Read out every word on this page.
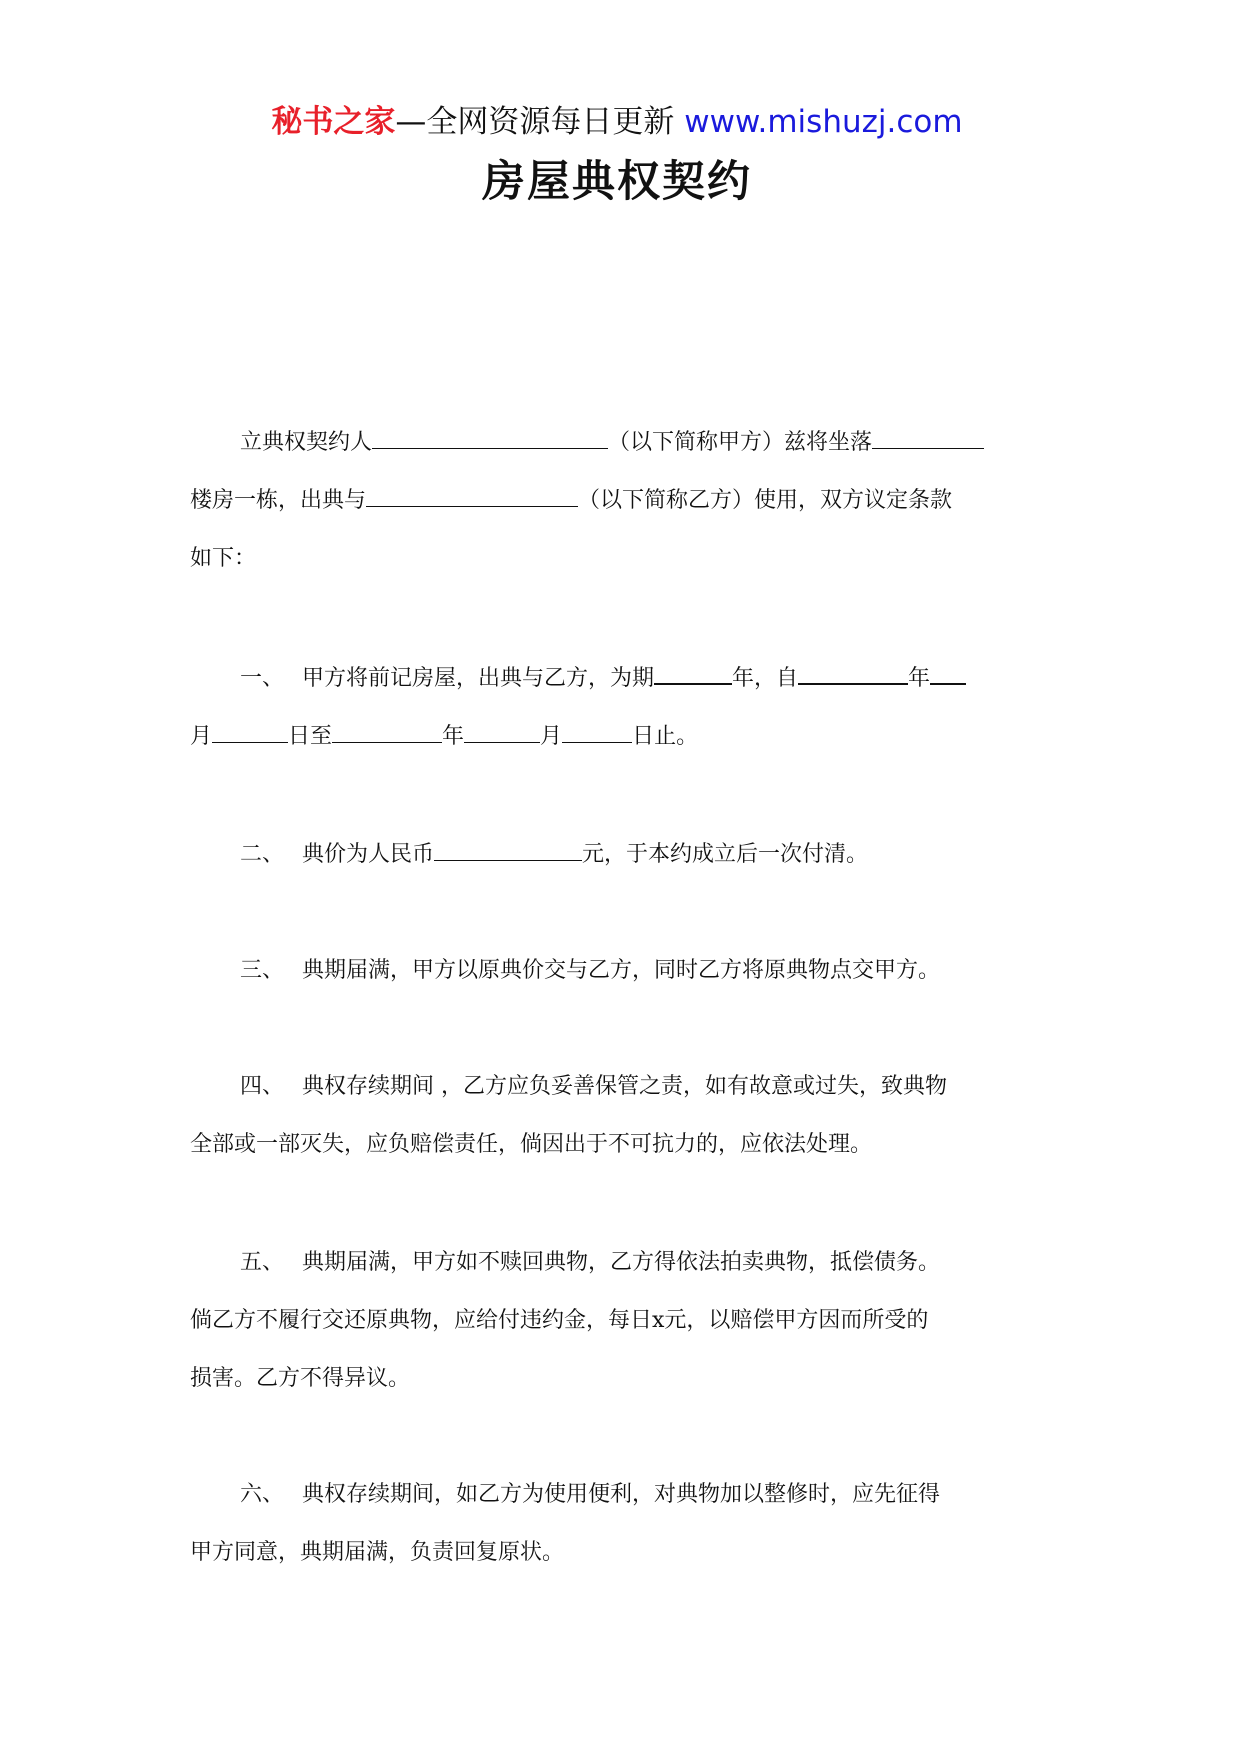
秘书之家—全网资源每日更新 www.mishuzj.com
房屋典权契约
立典权契约人	（以下简称甲方）兹将坐落
楼房一栋，出典与	（以下简称乙方）使用，双方议定条款
如下：
一、 甲方将前记房屋，出典与乙方，为期	年，自	年
月	日至	年	月	日止。
二、 典价为人民币	元，于本约成立后一次付清。
三、 典期届满，甲方以原典价交与乙方，同时乙方将原典物点交甲方。
四、 典权存续期间 ，乙方应负妥善保管之责，如有故意或过失，致典物
全部或一部灭失，应负赔偿责任，倘因出于不可抗力的，应依法处理。
五、 典期届满，甲方如不赎回典物，乙方得依法拍卖典物，抵偿债务。
倘乙方不履行交还原典物，应给付违约金，每日x元，以赔偿甲方因而所受的
损害。乙方不得异议。
六、 典权存续期间，如乙方为使用便利，对典物加以整修时，应先征得
甲方同意，典期届满，负责回复原状。
